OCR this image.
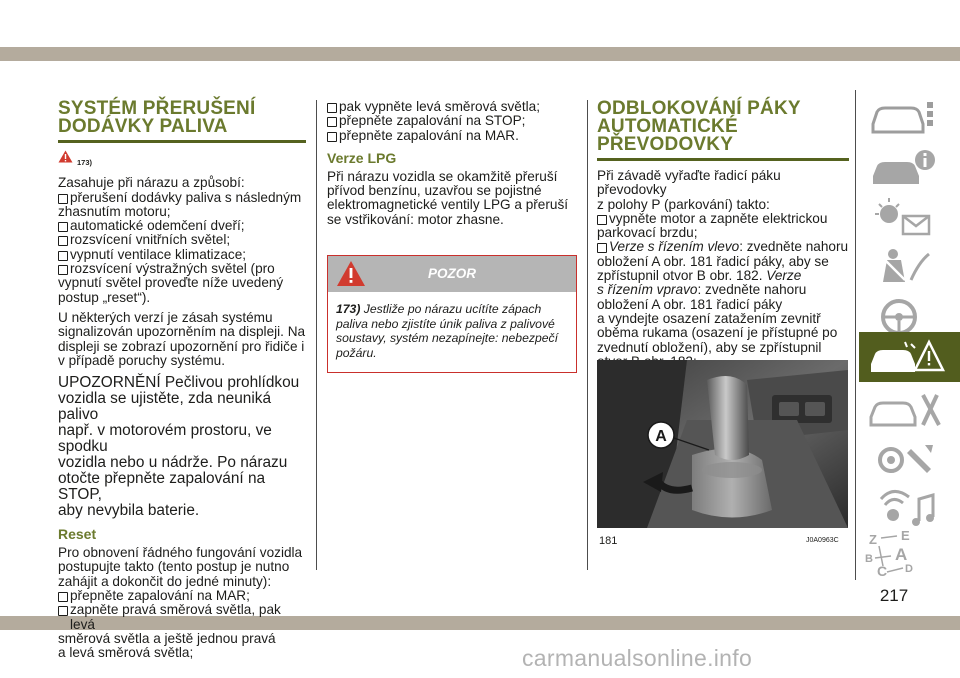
SYSTÉM PŘERUŠENÍ
DODÁVKY PALIVA
173)

Zasahuje při nárazu a způsobí:

přerušení dodávky paliva s následným
zhasnutím motoru;
automatické odemčení dveří;
rozsvícení vnitřních světel;
vypnutí ventilace klimatizace;
rozsvícení výstražných světel (pro
vypnutí světel proveďte níže uvedený
postup „reset“).

U některých verzí je zásah systému
signalizován upozorněním na displeji. Na
displeji se zobrazí upozornění pro řidiče i
v případě poruchy systému.

UPOZORNĚNÍ Pečlivou prohlídkou
vozidla se ujistěte, zda neuniká palivo
např. v motorovém prostoru, ve spodku
vozidla nebo u nádrže. Po nárazu
otočte přepněte zapalování na STOP,
aby nevybila baterie.

Reset

Pro obnovení řádného fungování vozidla
postupujte takto (tento postup je nutno
zahájit a dokončit do jedné minuty):

přepněte zapalování na MAR;
zapněte pravá směrová světla, pak levá
směrová světla a ještě jednou pravá
a levá směrová světla;
pak vypněte levá směrová světla;
přepněte zapalování na STOP;
přepněte zapalování na MAR.
Verze LPG

Při nárazu vozidla se okamžitě přeruší
přívod benzínu, uzavřou se pojistné
elektromagnetické ventily LPG a přeruší
se vstřikování: motor zhasne.

POZOR
173) Jestliže po nárazu ucítíte zápach
paliva nebo zjistíte únik paliva z palivové
soustavy, systém nezapínejte: nebezpečí
požáru.
ODBLOKOVÁNÍ PÁKY
AUTOMATICKÉ
PŘEVODOVKY

Při závadě vyřaďte řadicí páku převodovky
z polohy P (parkování) takto:

vypněte motor a zapněte elektrickou
parkovací brzdu;
Verze s řízením vlevo: zvedněte nahoru
obložení A obr. 181 řadicí páky, aby se
zpřístupnil otvor B obr. 182. Verze
s řízením vpravo: zvedněte nahoru
obložení A obr. 181 řadicí páky
a vyndejte osazení zatažením zevnitř
oběma rukama (osazení je přístupné po
zvednutí obložení), aby se zpřístupnil
A
181	J0A0963C Z E
B A
C D
217
carmanualsonline.info
